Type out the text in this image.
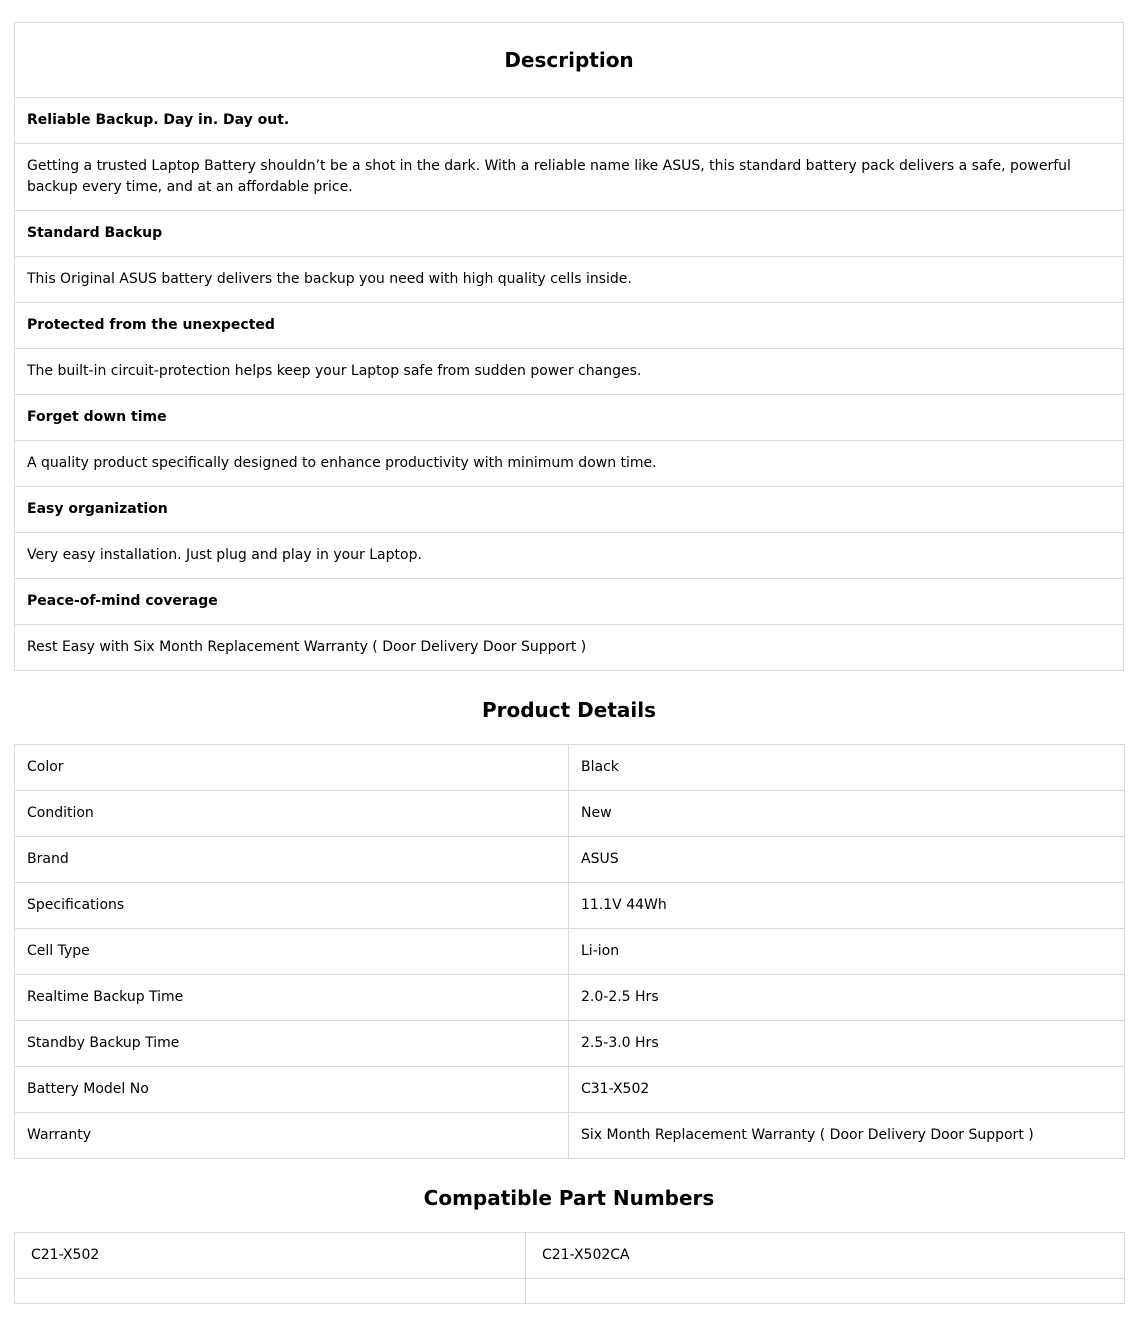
Description
Reliable Backup. Day in. Day out.
Getting a trusted Laptop Battery shouldn’t be a shot in the dark. With a reliable name like ASUS, this standard battery pack delivers a safe, powerful backup every time, and at an affordable price.
Standard Backup
This Original ASUS battery delivers the backup you need with high quality cells inside.
Protected from the unexpected
The built-in circuit-protection helps keep your Laptop safe from sudden power changes.
Forget down time
A quality product specifically designed to enhance productivity with minimum down time.
Easy organization
Very easy installation. Just plug and play in your Laptop.
Peace-of-mind coverage
Rest Easy with Six Month Replacement Warranty ( Door Delivery Door Support )
Product Details
Color	Black
Condition	New
Brand	ASUS
Specifications	11.1V 44Wh
Cell Type	Li-ion
Realtime Backup Time	2.0-2.5 Hrs
Standby Backup Time	2.5-3.0 Hrs
Battery Model No	C31-X502
Warranty	Six Month Replacement Warranty ( Door Delivery Door Support )
Compatible Part Numbers
C21-X502	C21-X502CA
